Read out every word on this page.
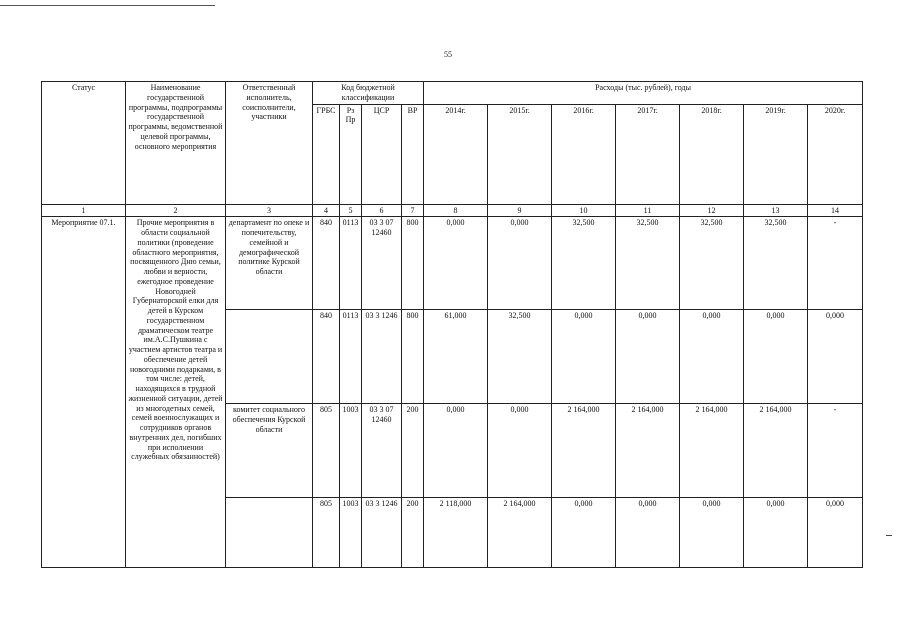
55
Статус	Наименование государственной программы, подпрограммы государственной программы, ведомственной целевой программы, основного мероприятия	Ответственный исполнитель, соисполнители, участники	Код бюджетной классификации				Расходы (тыс. рублей), годы						
			ГРБС	Рз Пр	ЦСР	ВР	2014г.	2015г.	2016г.	2017г.	2018г.	2019г.	2020г.
1	2	3	4	5	6	7	8	9	10	11	12	13	14
Мероприятие 07.1.	Прочие мероприятия в области социальной политики (проведение областного мероприятия, посвященного Дню семьи, любви и верности, ежегодное проведение Новогодней Губернаторской елки для детей в Курском государственном драматическом театре им.А.С.Пушкина с участием артистов театра и обеспечение детей новогодними подарками, в том числе: детей, находящихся в трудной жизненной ситуации, детей из многодетных семей, семей военнослужащих и сотрудников органов внутренних дел, погибших при исполнении служебных обязанностей)	департамент по опеке и попечительству, семейной и демографической политике Курской области	840	0113	03 3 07 12460	800	0,000	0,000	32,500	32,500	32,500	32,500	-
			840	0113	03 3 1246	800	61,000	32,500	0,000	0,000	0,000	0,000	0,000
		комитет социального обеспечения Курской области	805	1003	03 3 07 12460	200	0,000	0,000	2 164,000	2 164,000	2 164,000	2 164,000	-
			805	1003	03 3 1246	200	2 118,000	2 164,000	0,000	0,000	0,000	0,000	0,000
